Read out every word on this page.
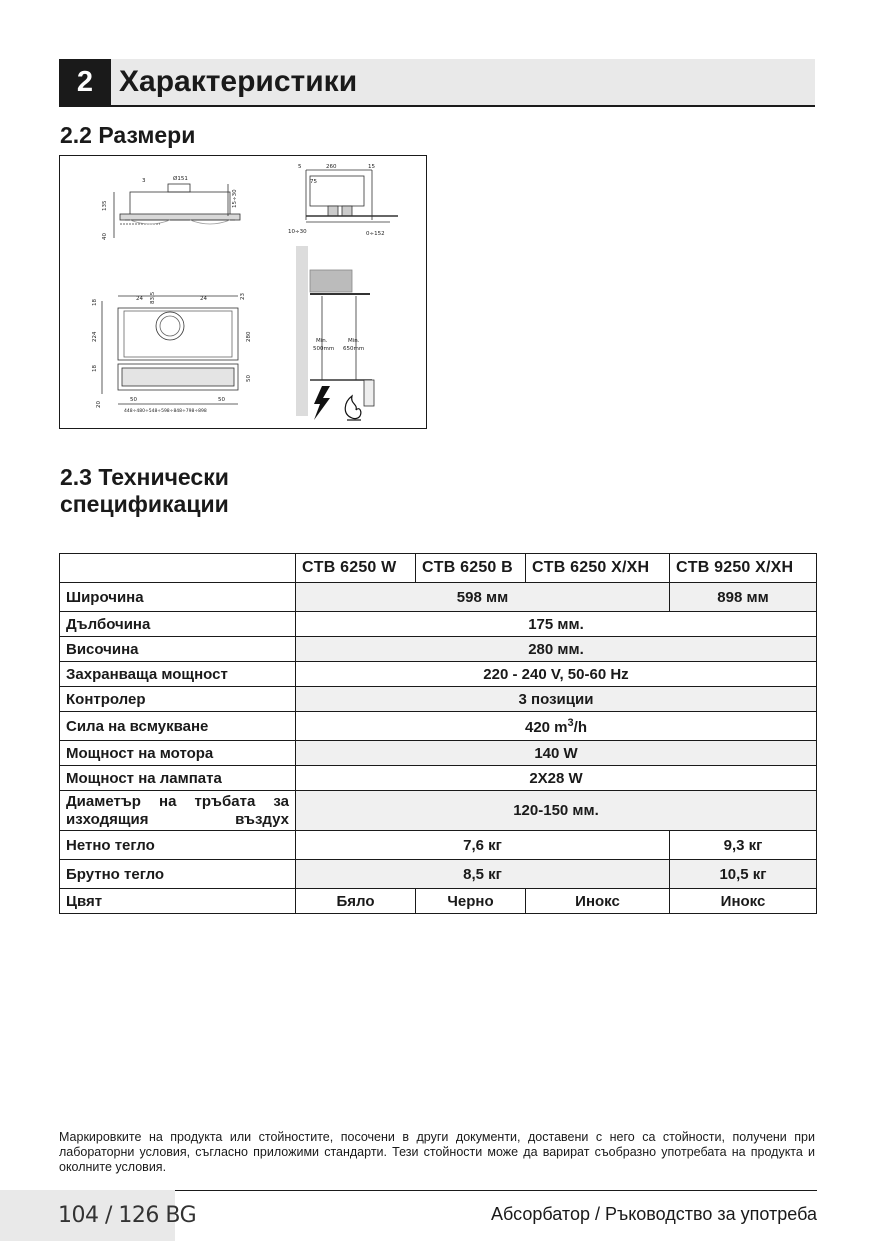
2 Характеристики
2.2 Размери
Ø151
3
135
40
15÷30
5	260	15
75
10÷30	0÷152
24	24
83,5	23
18
224
18
280
50
20
50	50
448÷480÷548÷598÷848÷798÷898
Min.
500mm
Min.
650mm
2.3 Технически
спецификации
	CTB 6250 W	CTB 6250 B	CTB 6250 X/XH	CTB 9250 X/XH
Широчина	598 мм			898 мм
Дълбочина	175 мм.			
Височина	280 мм.			
Захранваща мощност	220 - 240 V, 50-60 Hz			
Контролер	3 позиции			
Сила на всмукване	420 $m^3/h$			
Мощност на мотора	140 W			
Мощност на лампата	2X28 W			
Диаметър на тръбата за изходящия въздух	120-150 мм.			
Нетно тегло	7,6 кг			9,3 кг
Брутно тегло	8,5 кг			10,5 кг
Цвят	Бяло	Черно	Инокс	Инокс
Маркировките на продукта или стойностите, посочени в други документи, доставени с него са стойности, получени при лабораторни условия, съгласно приложими стандарти. Тези стойности може да варират съобразно употребата на продукта и околните условия.
104 / 126 BG	Абсорбатор / Ръководство за употреба
